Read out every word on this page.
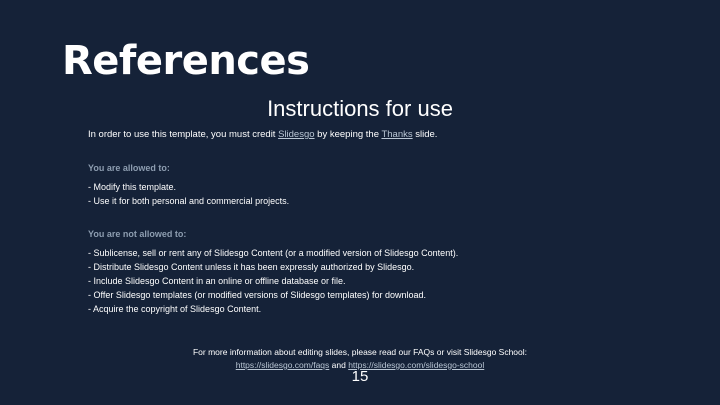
References
Instructions for use
In order to use this template, you must credit Slidesgo by keeping the Thanks slide.
You are allowed to:
- Modify this template.
- Use it for both personal and commercial projects.
You are not allowed to:
- Sublicense, sell or rent any of Slidesgo Content (or a modified version of Slidesgo Content).
- Distribute Slidesgo Content unless it has been expressly authorized by Slidesgo.
- Include Slidesgo Content in an online or offline database or file.
- Offer Slidesgo templates (or modified versions of Slidesgo templates) for download.
- Acquire the copyright of Slidesgo Content.
For more information about editing slides, please read our FAQs or visit Slidesgo School:
https://slidesgo.com/faqs and https://slidesgo.com/slidesgo-school
15
